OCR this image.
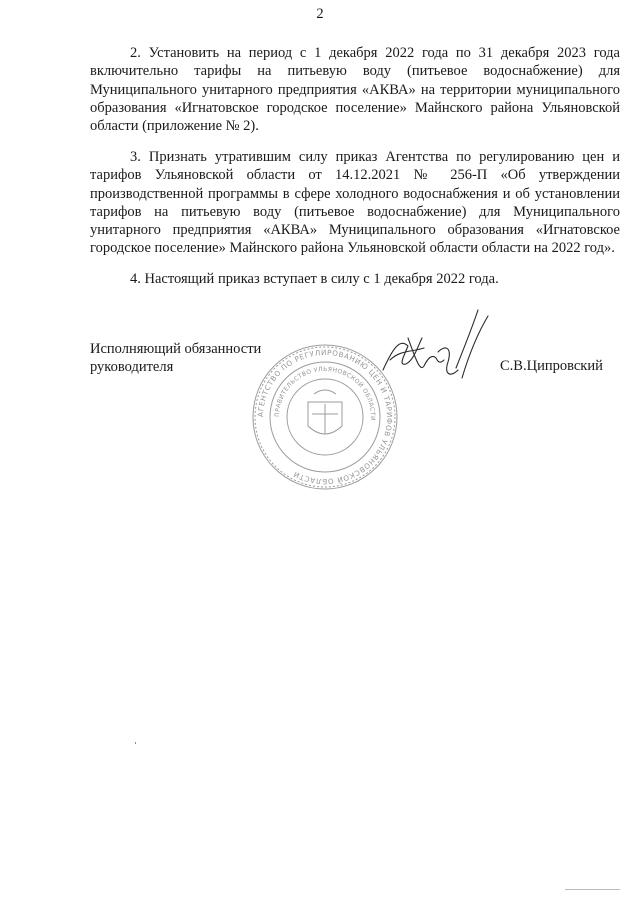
2

2. Установить на период с 1 декабря 2022 года по 31 декабря 2023 года включительно тарифы на питьевую воду (питьевое водоснабжение) для Муниципального унитарного предприятия «АКВА» на территории муниципального образования «Игнатовское городское поселение» Майнского района Ульяновской области (приложение № 2).

3. Признать утратившим силу приказ Агентства по регулированию цен и тарифов Ульяновской области от 14.12.2021 № 256-П «Об утверждении производственной программы в сфере холодного водоснабжения и об установлении тарифов на питьевую воду (питьевое водоснабжение) для Муниципального унитарного предприятия «АКВА» Муниципального образования «Игнатовское городское поселение» Майнского района Ульяновской области области на 2022 год».

4. Настоящий приказ вступает в силу с 1 декабря 2022 года.

Исполняющий обязанности
руководителя
АГЕНТСТВО ПО РЕГУЛИРОВАНИЮ ЦЕН И ТАРИФОВ УЛЬЯНОВСКОЙ ОБЛАСТИ
ПРАВИТЕЛЬСТВО УЛЬЯНОВСКОЙ ОБЛАСТИ
С.В.Ципровский
